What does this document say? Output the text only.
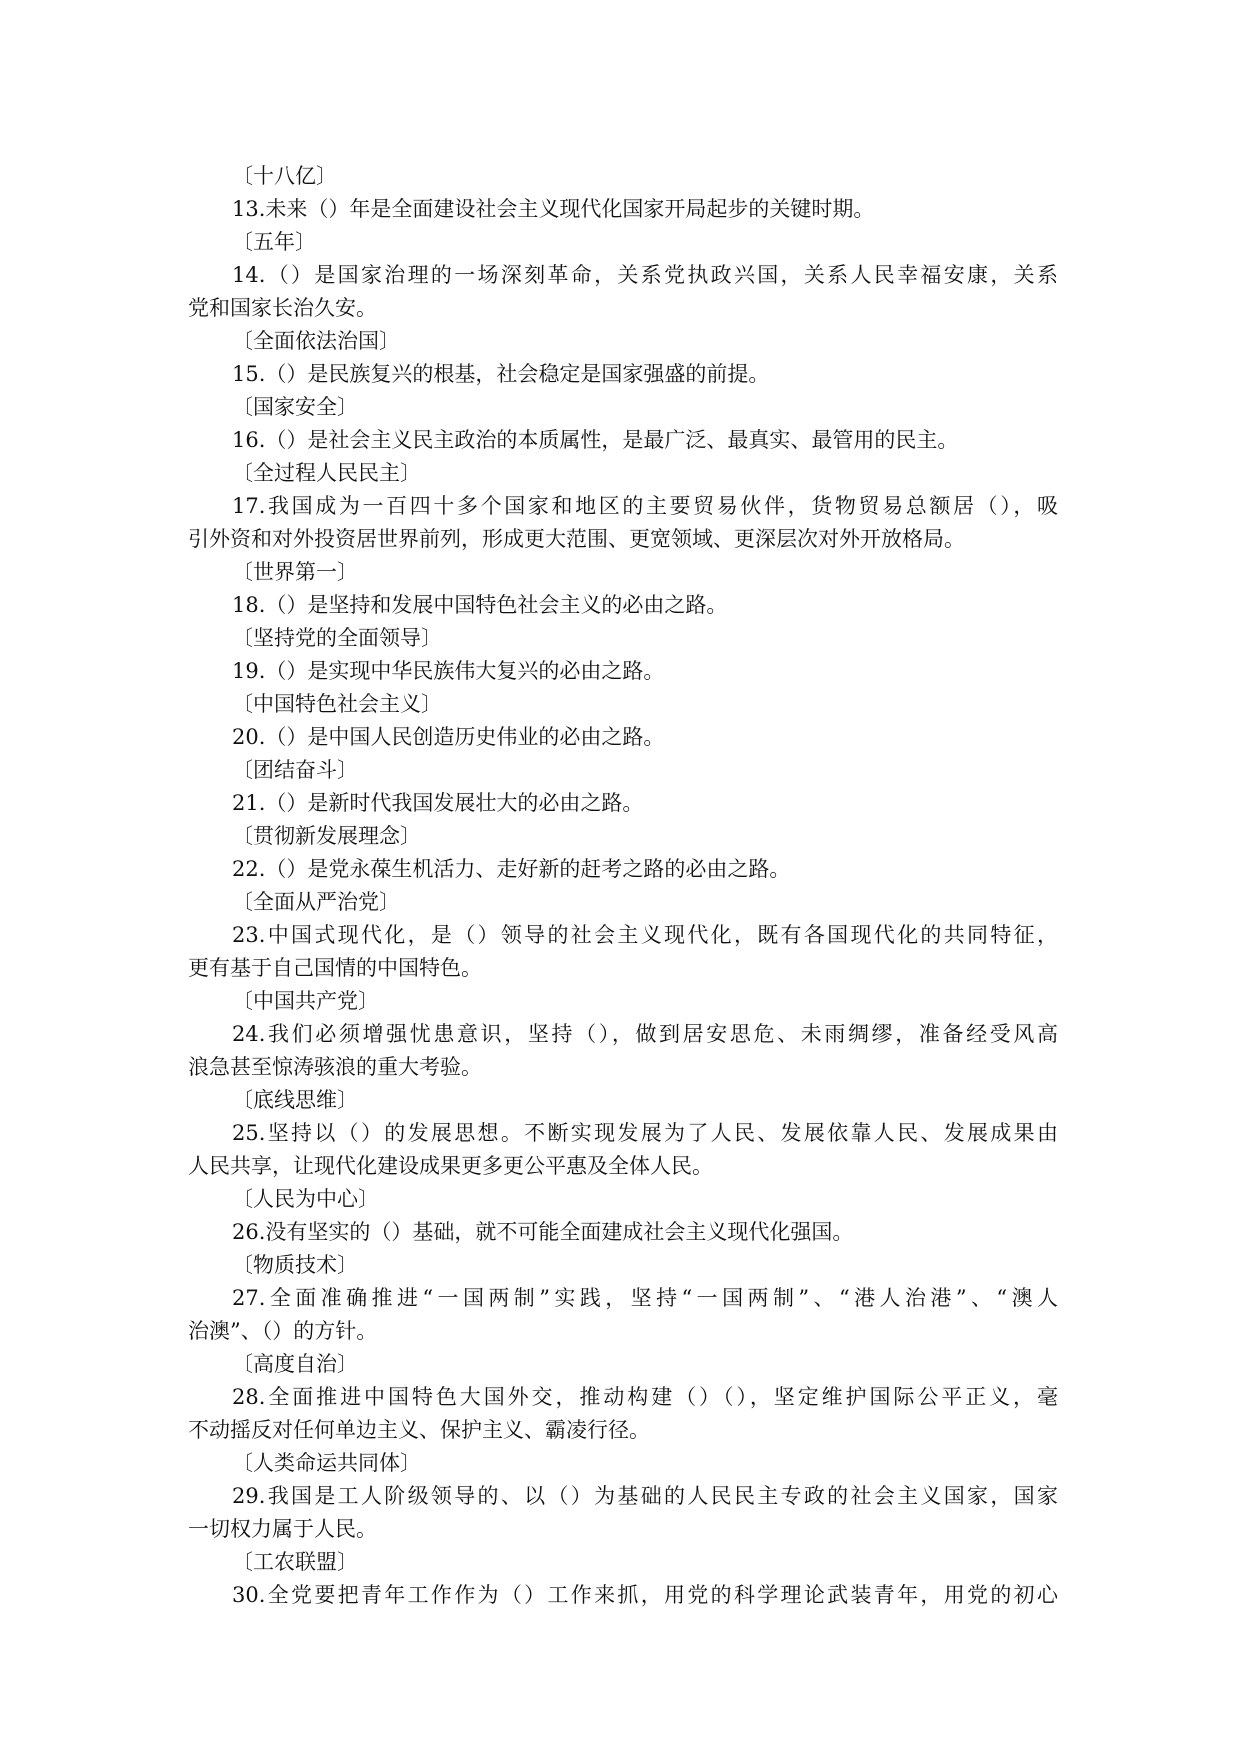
〔十八亿〕
13.未来（）年是全面建设社会主义现代化国家开局起步的关键时期。
〔五年〕
14.（）是国家治理的一场深刻革命，关系党执政兴国，关系人民幸福安康，关系
党和国家长治久安。
〔全面依法治国〕
15.（）是民族复兴的根基，社会稳定是国家强盛的前提。
〔国家安全〕
16.（）是社会主义民主政治的本质属性，是最广泛、最真实、最管用的民主。
〔全过程人民民主〕
17.我国成为一百四十多个国家和地区的主要贸易伙伴，货物贸易总额居（），吸
引外资和对外投资居世界前列，形成更大范围、更宽领域、更深层次对外开放格局。
〔世界第一〕
18.（）是坚持和发展中国特色社会主义的必由之路。
〔坚持党的全面领导〕
19.（）是实现中华民族伟大复兴的必由之路。
〔中国特色社会主义〕
20.（）是中国人民创造历史伟业的必由之路。
〔团结奋斗〕
21.（）是新时代我国发展壮大的必由之路。
〔贯彻新发展理念〕
22.（）是党永葆生机活力、走好新的赶考之路的必由之路。
〔全面从严治党〕
23.中国式现代化，是（）领导的社会主义现代化，既有各国现代化的共同特征，
更有基于自己国情的中国特色。
〔中国共产党〕
24.我们必须增强忧患意识，坚持（），做到居安思危、未雨绸缪，准备经受风高
浪急甚至惊涛骇浪的重大考验。
〔底线思维〕
25.坚持以（）的发展思想。不断实现发展为了人民、发展依靠人民、发展成果由
人民共享，让现代化建设成果更多更公平惠及全体人民。
〔人民为中心〕
26.没有坚实的（）基础，就不可能全面建成社会主义现代化强国。
〔物质技术〕
27.全面准确推进“一国两制”实践，坚持“一国两制”、“港人治港”、“澳人
治澳”、（）的方针。
〔高度自治〕
28.全面推进中国特色大国外交，推动构建（）（），坚定维护国际公平正义，毫
不动摇反对任何单边主义、保护主义、霸凌行径。
〔人类命运共同体〕
29.我国是工人阶级领导的、以（）为基础的人民民主专政的社会主义国家，国家
一切权力属于人民。
〔工农联盟〕
30.全党要把青年工作作为（）工作来抓，用党的科学理论武装青年，用党的初心
